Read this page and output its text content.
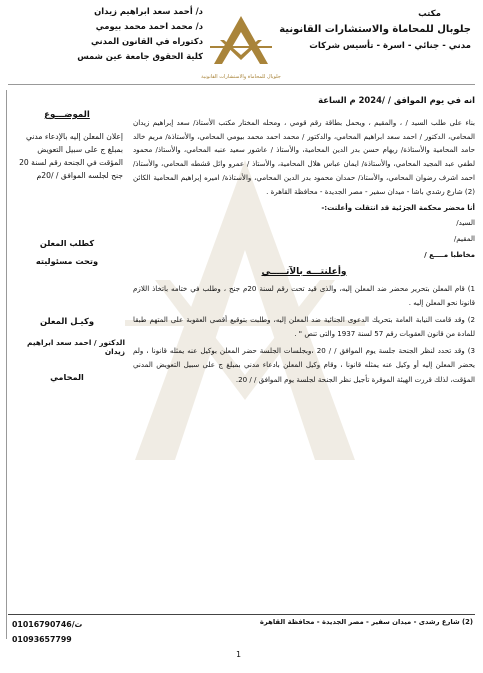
مكتب
جلوبال للمحاماة والاستشارات القانونية
مدني - جنائي - اسرة - تأسيس شركات
جلوبال للمحاماة والاستشارات القانونية
د/ أحمد سعد ابراهيم زيدان
د/ محمد احمد محمد بيومي
دكتوراه في القانون المدني
كلية الحقوق جامعة عين شمس
الموضـــوع
إعلان المعلن إليه بالإدعاء مدني بمبلغ ج على سبيل التعويض المؤقت في الجنحة رقم لسنة 20 جنح لجلسه الموافق / /20م
كطلب المعلن
وتحت مسئوليته
وكيـل المعلن
الدكتور / احمد سعد ابراهيم زيدان
المحامي
انه في يوم الموافق / /2024 م الساعة
بناء على طلب السيد / ، والمقيم ، ويحمل بطاقة رقم قومي ، ومحله المختار مكتب الأستاذ/ سعد إبراهيم زيدان المحامي، الدكتور / احمد سعد ابراهيم المحامي، والدكتور / محمد احمد محمد بيومي المحامي، والأستاذة/ مريم خالد حامد المحامية والأستاذة/ ريهام حسن بدر الدين المحامية، والأستاذ / عاشور سعيد عنبه المحامي، والأستاذ/ محمود لطفي عبد المجيد المحامي، والأستاذة/ ايمان عباس هلال المحامية، والأستاذ / عمرو وائل قشطه المحامي، والأستاذ/ احمد اشرف رضوان المحامي، والأستاذ/ حمدان محمود بدر الدين المحامي، والأستاذة/ اميره إبراهيم المحامية الكائن (2) شارع رشدي باشا - ميدان سفير - مصر الجديدة - محافظة القاهرة .
أنا محضر محكمة الجزئية قد انتقلت وأعلنت:-
السيد/
المقيم/
مخاطبا مــــع /
وأعلنتـــه بالآتـــــي
1) قام المعلن بتحرير محضر ضد المعلن إليه، والذى قيد تحت رقم لسنة 20م جنح ، وطلب في ختامه باتخاذ اللازم قانونا نحو المعلن إليه .
2) وقد قامت النيابة العامة بتحريك الدعوى الجنائية ضد المعلن إليه، وطلبت بتوقيع أقصى العقوبة على المتهم طبقا للمادة من قانون العقوبات رقم 57 لسنة 1937 والتى تنص " .
3) وقد تحدد لنظر الجنحة جلسة يوم الموافق / / 20 ،وبجلسات الجلسة حضر المعلن بوكيل عنه يمثله قانونا ، ولم يحضر المعلن إليه أو وكيل عنه يمثله قانونا ، وقام وكيل المعلن بادعاء مدني بمبلغ ج على سبيل التعويض المدني المؤقت، لذلك قررت الهيئة الموقرة تأجيل نظر الجنحة لجلسة يوم الموافق / / 20.
(2) شارع رشدى - ميدان سفير - مصر الجديدة - محافظة القاهرة
ت/01016790746
01093657799
1
